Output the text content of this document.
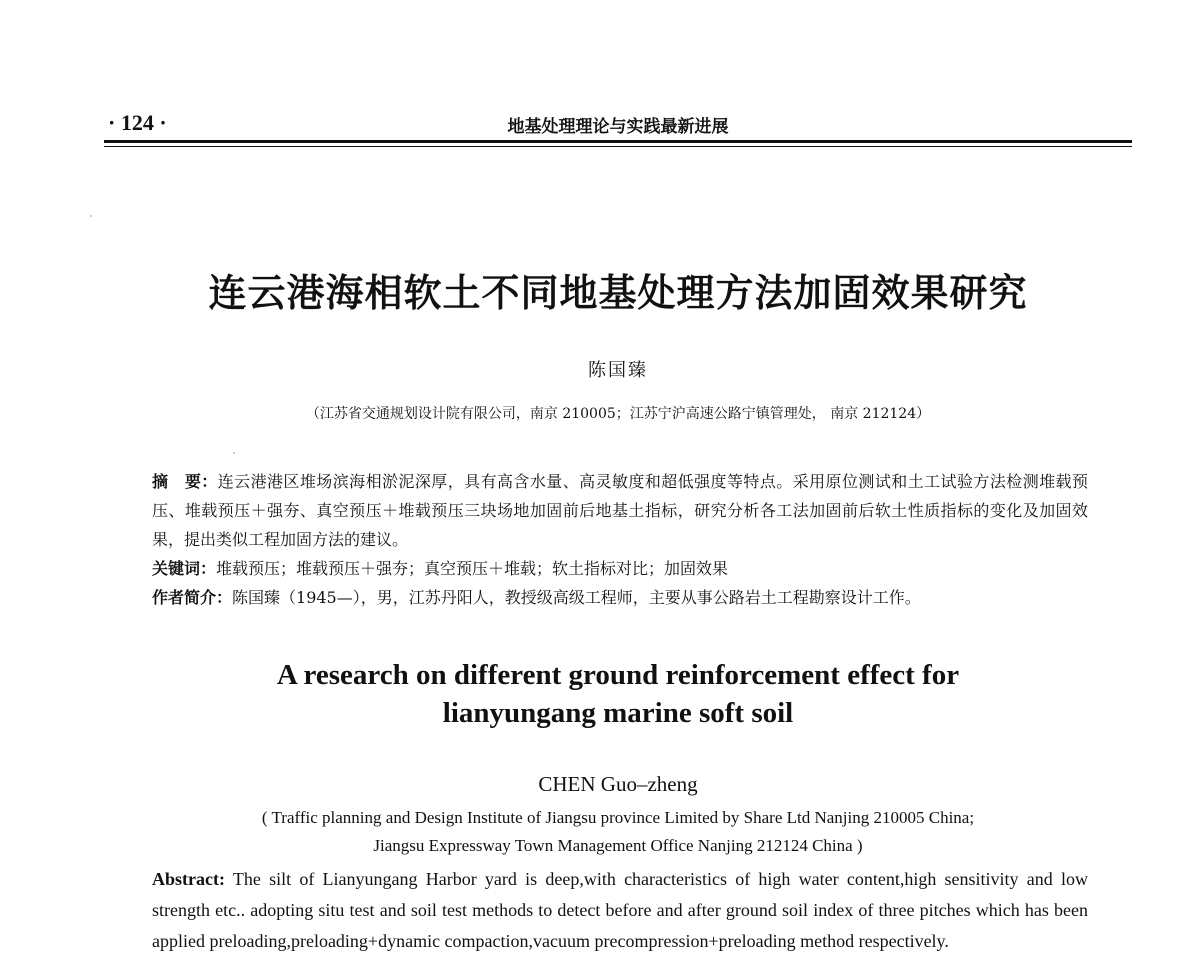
· 124 ·	地基处理理论与实践最新进展
连云港海相软土不同地基处理方法加固效果研究
陈国臻
（江苏省交通规划设计院有限公司，南京 210005；江苏宁沪高速公路宁镇管理处， 南京 212124）

摘　要：连云港港区堆场滨海相淤泥深厚，具有高含水量、高灵敏度和超低强度等特点。采用原位测试和土工试验方法检测堆载预压、堆载预压＋强夯、真空预压＋堆载预压三块场地加固前后地基土指标，研究分析各工法加固前后软土性质指标的变化及加固效果，提出类似工程加固方法的建议。

关键词：堆载预压；堆载预压＋强夯；真空预压＋堆载；软土指标对比；加固效果

作者简介：陈国臻（1945—），男，江苏丹阳人，教授级高级工程师，主要从事公路岩土工程勘察设计工作。

A research on different ground reinforcement effect for
lianyungang marine soft soil
CHEN Guo–zheng
( Traffic planning and Design Institute of Jiangsu province Limited by Share Ltd Nanjing 210005 China;
Jiangsu Expressway Town Management Office Nanjing 212124 China )

Abstract: The silt of Lianyungang Harbor yard is deep,with characteristics of high water content,high sensitivity and low strength etc.. adopting situ test and soil test methods to detect before and after ground soil index of three pitches which has been applied preloading,preloading+dynamic compaction,vacuum precompression+preloading method respectively.
